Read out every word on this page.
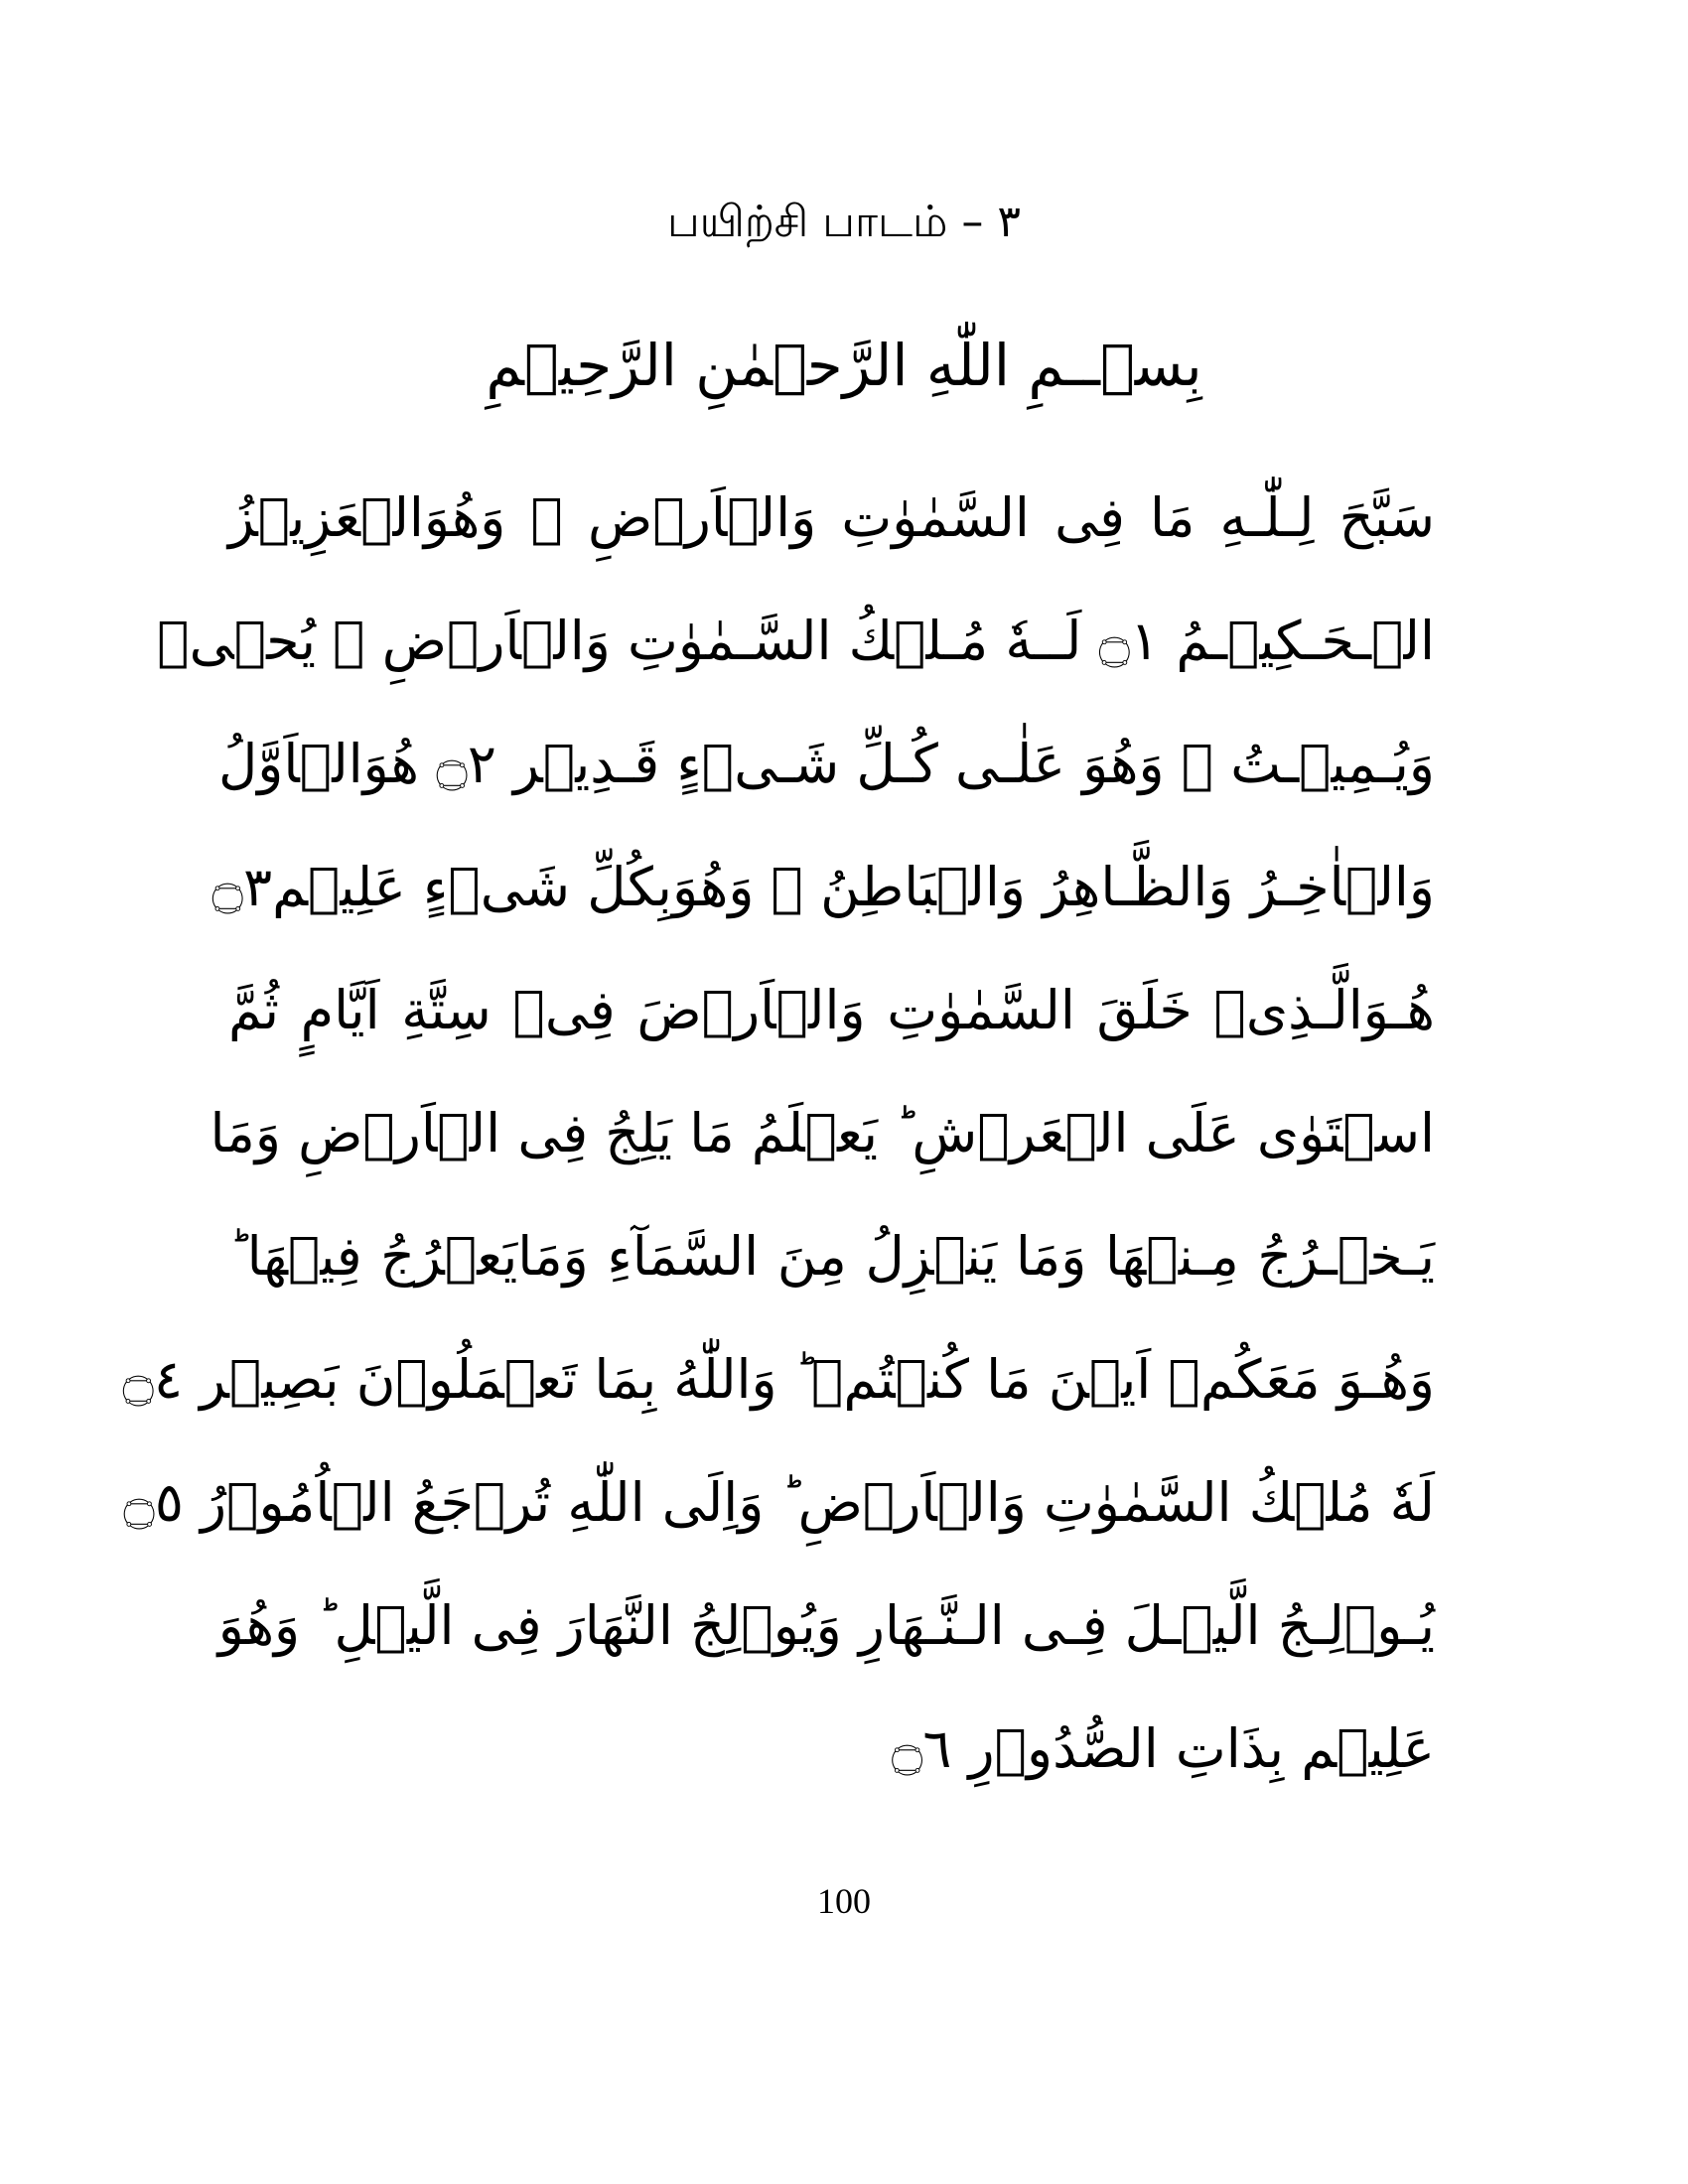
பயிற்சி பாடம் – ٣
بِسۡــمِ اللّٰهِ الرَّحۡمٰنِ الرَّحِيۡمِ
سَبَّحَ لِـلّٰـهِ مَا فِى السَّمٰوٰتِ وَالۡاَرۡضِ‌ ۚ وَهُوَالۡعَزِيۡزُ
الۡـحَـكِيۡـمُ ۝١ لَــهٗ مُـلۡكُ السَّـمٰوٰتِ وَالۡاَرۡضِ‌ ۚ يُحۡىٖ
وَيُـمِيۡـتُ‌ ۚ وَهُوَ عَلٰـى كُـلِّ شَـىۡءٍ قَـدِيۡر ۝٢ هُوَالۡاَوَّلُ
وَالۡاٰخِـرُ وَالظَّـاهِرُ وَالۡبَاطِنُ‌ ۚ وَهُوَبِكُلِّ شَىۡءٍ عَلِيۡم۝٣
هُـوَالَّـذِىۡ خَلَقَ السَّمٰوٰتِ وَالۡاَرۡضَ فِىۡ سِتَّةِ اَيَّامٍ ثُمَّ
اسۡتَوٰى عَلَى الۡعَرۡشِ‌ ؕ يَعۡلَمُ مَا يَلِجُ فِى الۡاَرۡضِ وَمَا
يَـخۡـرُجُ مِـنۡهَا وَمَا يَنۡزِلُ مِنَ السَّمَآءِ وَمَايَعۡرُجُ فِيۡهَا‌ ؕ
وَهُـوَ مَعَكُمۡ اَيۡنَ مَا كُنۡتُمۡ‌ ؕ وَاللّٰهُ بِمَا تَعۡمَلُوۡنَ بَصِيۡر ۝٤
لَهٗ مُلۡكُ السَّمٰوٰتِ وَالۡاَرۡضِ‌ ؕ وَاِلَى اللّٰهِ تُرۡجَعُ الۡاُمُوۡرُ ۝٥
يُـوۡلِـجُ الَّيۡـلَ فِـى الـنَّـهَارِ وَيُوۡلِجُ النَّهَارَ فِى الَّيۡلِ‌ ؕ وَهُوَ
عَلِيۡم بِذَاتِ الصُّدُوۡرِ ۝٦
100
